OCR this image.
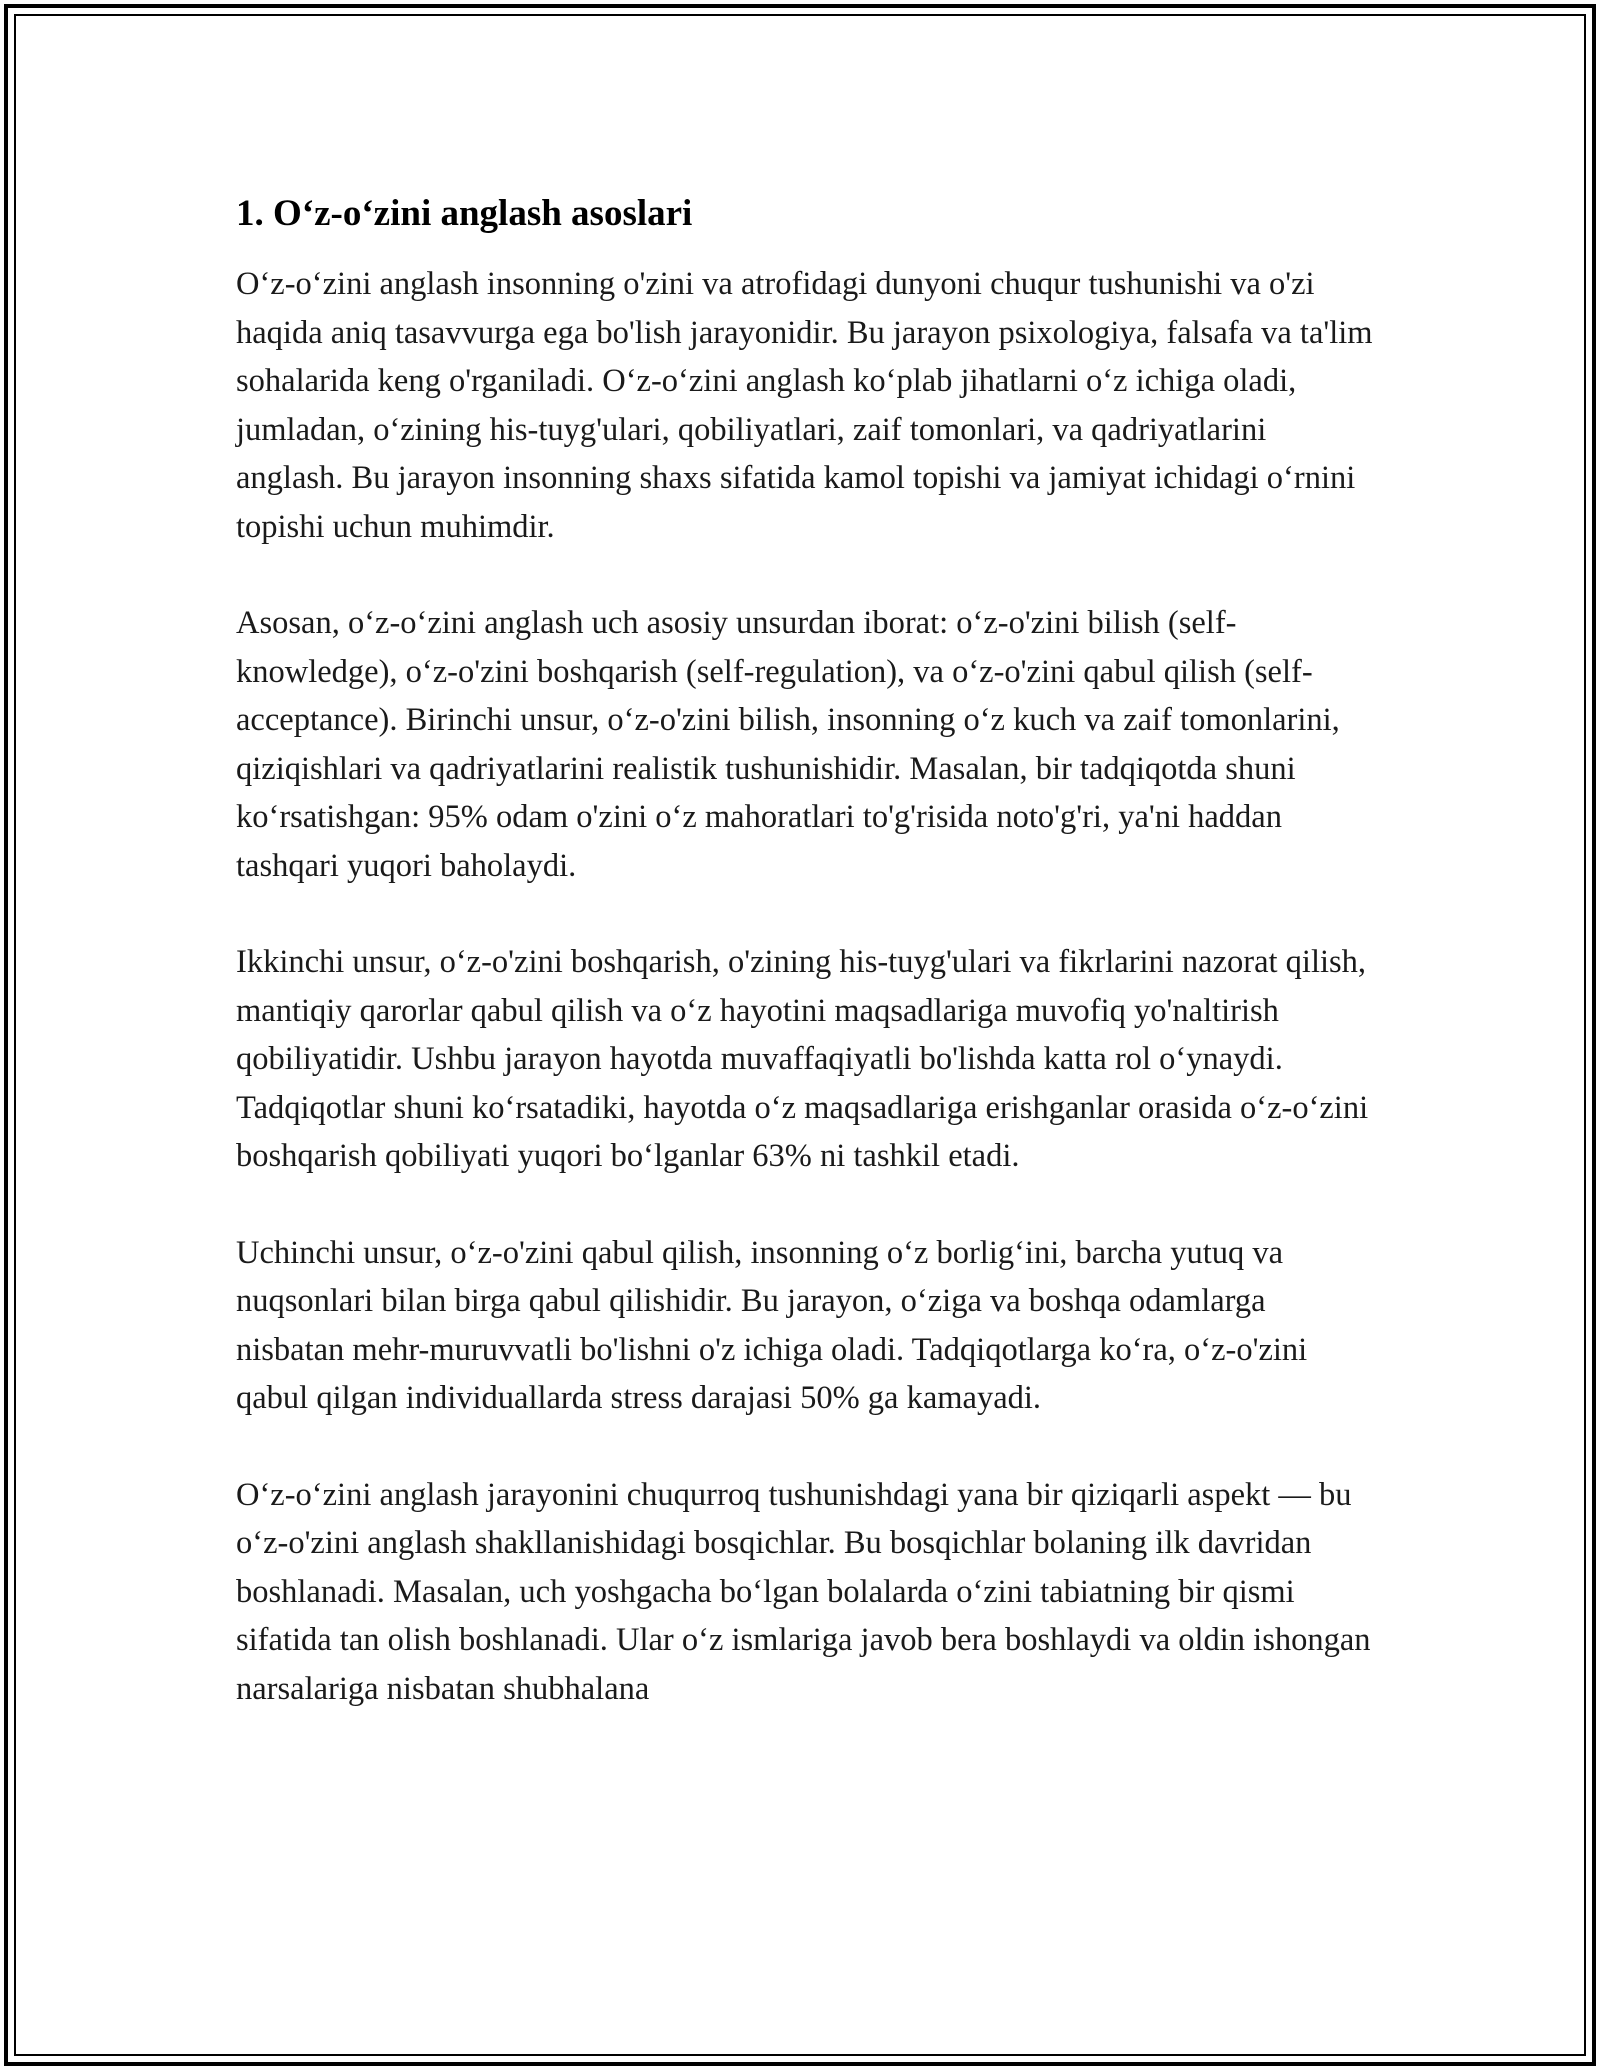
1. O‘z-o‘zini anglash asoslari

O‘z-o‘zini anglash insonning o'zini va atrofidagi dunyoni chuqur tushunishi va o'zi haqida aniq tasavvurga ega bo'lish jarayonidir. Bu jarayon psixologiya, falsafa va ta'lim sohalarida keng o'rganiladi. O‘z-o‘zini anglash ko‘plab jihatlarni o‘z ichiga oladi, jumladan, o‘zining his-tuyg'ulari, qobiliyatlari, zaif tomonlari, va qadriyatlarini anglash. Bu jarayon insonning shaxs sifatida kamol topishi va jamiyat ichidagi o‘rnini topishi uchun muhimdir.

Asosan, o‘z-o‘zini anglash uch asosiy unsurdan iborat: o‘z-o'zini bilish (self-knowledge), o‘z-o'zini boshqarish (self-regulation), va o‘z-o'zini qabul qilish (self-acceptance). Birinchi unsur, o‘z-o'zini bilish, insonning o‘z kuch va zaif tomonlarini, qiziqishlari va qadriyatlarini realistik tushunishidir. Masalan, bir tadqiqotda shuni ko‘rsatishgan: 95% odam o'zini o‘z mahoratlari to'g'risida noto'g'ri, ya'ni haddan tashqari yuqori baholaydi.

Ikkinchi unsur, o‘z-o'zini boshqarish, o'zining his-tuyg'ulari va fikrlarini nazorat qilish, mantiqiy qarorlar qabul qilish va o‘z hayotini maqsadlariga muvofiq yo'naltirish qobiliyatidir. Ushbu jarayon hayotda muvaffaqiyatli bo'lishda katta rol o‘ynaydi. Tadqiqotlar shuni ko‘rsatadiki, hayotda o‘z maqsadlariga erishganlar orasida o‘z-o‘zini boshqarish qobiliyati yuqori bo‘lganlar 63% ni tashkil etadi.

Uchinchi unsur, o‘z-o'zini qabul qilish, insonning o‘z borlig‘ini, barcha yutuq va nuqsonlari bilan birga qabul qilishidir. Bu jarayon, o‘ziga va boshqa odamlarga nisbatan mehr-muruvvatli bo'lishni o'z ichiga oladi. Tadqiqotlarga ko‘ra, o‘z-o'zini qabul qilgan individuallarda stress darajasi 50% ga kamayadi.

O‘z-o‘zini anglash jarayonini chuqurroq tushunishdagi yana bir qiziqarli aspekt — bu o‘z-o'zini anglash shakllanishidagi bosqichlar. Bu bosqichlar bolaning ilk davridan boshlanadi. Masalan, uch yoshgacha bo‘lgan bolalarda o‘zini tabiatning bir qismi sifatida tan olish boshlanadi. Ular o‘z ismlariga javob bera boshlaydi va oldin ishongan narsalariga nisbatan shubhalana
